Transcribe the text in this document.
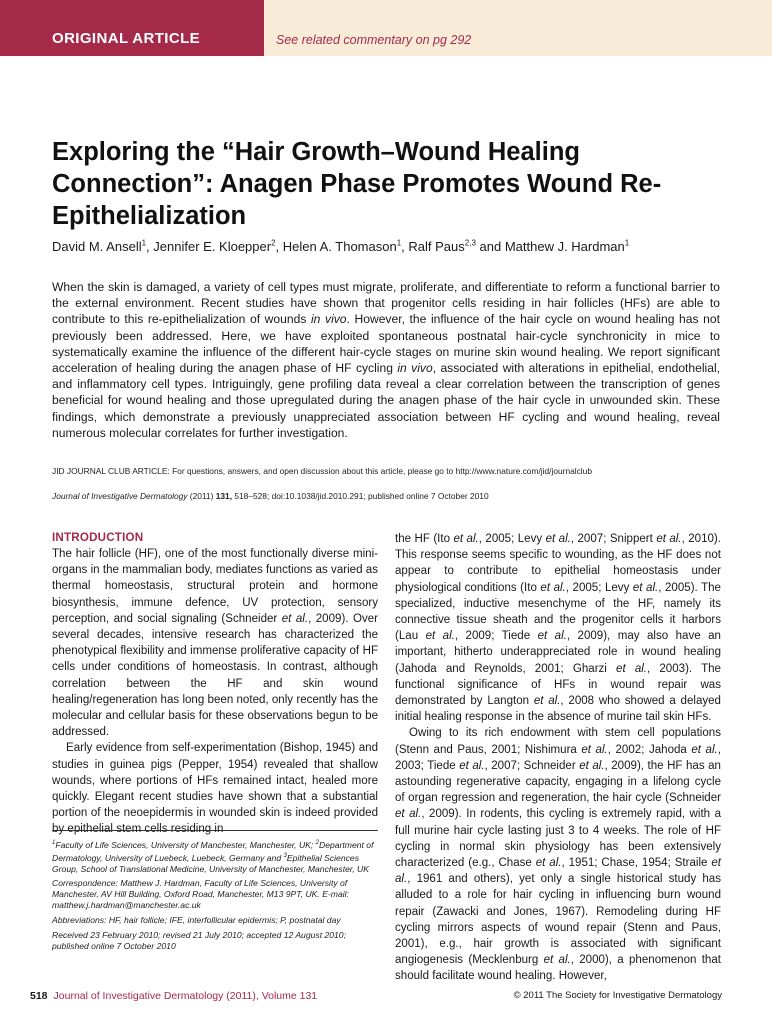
ORIGINAL ARTICLE	See related commentary on pg 292
Exploring the “Hair Growth–Wound Healing Connection”: Anagen Phase Promotes Wound Re-Epithelialization
David M. Ansell$^1$, Jennifer E. Kloepper$^2$, Helen A. Thomason$^1$, Ralf Paus$^{2,3}$ and Matthew J. Hardman$^1$

When the skin is damaged, a variety of cell types must migrate, proliferate, and differentiate to reform a functional barrier to the external environment. Recent studies have shown that progenitor cells residing in hair follicles (HFs) are able to contribute to this re-epithelialization of wounds in vivo. However, the influence of the hair cycle on wound healing has not previously been addressed. Here, we have exploited spontaneous postnatal hair-cycle synchronicity in mice to systematically examine the influence of the different hair-cycle stages on murine skin wound healing. We report significant acceleration of healing during the anagen phase of HF cycling in vivo, associated with alterations in epithelial, endothelial, and inflammatory cell types. Intriguingly, gene profiling data reveal a clear correlation between the transcription of genes beneficial for wound healing and those upregulated during the anagen phase of the hair cycle in unwounded skin. These findings, which demonstrate a previously unappreciated association between HF cycling and wound healing, reveal numerous molecular correlates for further investigation.

JID JOURNAL CLUB ARTICLE: For questions, answers, and open discussion about this article, please go to http://www.nature.com/jid/journalclub
Journal of Investigative Dermatology (2011) 131, 518–528; doi:10.1038/jid.2010.291; published online 7 October 2010
INTRODUCTION

The hair follicle (HF), one of the most functionally diverse mini-organs in the mammalian body, mediates functions as varied as thermal homeostasis, structural protein and hormone biosynthesis, immune defence, UV protection, sensory perception, and social signaling (Schneider et al., 2009). Over several decades, intensive research has characterized the phenotypical flexibility and immense proliferative capacity of HF cells under conditions of homeostasis. In contrast, although correlation between the HF and skin wound healing/regeneration has long been noted, only recently has the molecular and cellular basis for these observations begun to be addressed.

Early evidence from self-experimentation (Bishop, 1945) and studies in guinea pigs (Pepper, 1954) revealed that shallow wounds, where portions of HFs remained intact, healed more quickly. Elegant recent studies have shown that a substantial portion of the neoepidermis in wounded skin is indeed provided

the HF (Ito et al., 2005; Levy et al., 2007; Snippert et al., 2010). This response seems specific to wounding, as the HF does not appear to contribute to epithelial homeostasis under physiological conditions (Ito et al., 2005; Levy et al., 2005). The specialized, inductive mesenchyme of the HF, namely its connective tissue sheath and the progenitor cells it harbors (Lau et al., 2009; Tiede et al., 2009), may also have an important, hitherto underappreciated role in wound healing (Jahoda and Reynolds, 2001; Gharzi et al., 2003). The functional significance of HFs in wound repair was demonstrated by Langton et al., 2008 who showed a delayed initial healing response in the absence of murine tail skin HFs.

Owing to its rich endowment with stem cell populations (Stenn and Paus, 2001; Nishimura et al., 2002; Jahoda et al., 2003; Tiede et al., 2007; Schneider et al., 2009), the HF has an astounding regenerative capacity, engaging in a lifelong cycle of organ regression and regeneration, the hair cycle (Schneider et al., 2009). In rodents, this cycling is extremely rapid, with a full murine hair cycle lasting just 3 to 4 weeks. The role of HF cycling in normal skin physiology has been extensively characterized (e.g., Chase et al., 1951; Chase, 1954; Straile et al., 1961 and others), yet only a single historical study has alluded to a role for hair cycling in influencing burn wound repair (Zawacki and Jones, 1967). Remodeling during HF cycling mirrors aspects of wound repair (Stenn and Paus, 2001), e.g., hair growth is associated with significant angiogenesis (Mecklenburg et al., 2000), a phenomenon that should facilitate wound healing. However,

$^1$Faculty of Life Sciences, University of Manchester, Manchester, UK; $^2$Department of Dermatology, University of Luebeck, Luebeck, Germany and $^3$Epithelial Sciences Group, School of Translational Medicine, University of Manchester, Manchester, UK

Correspondence: Matthew J. Hardman, Faculty of Life Sciences, University of Manchester, AV Hill Building, Oxford Road, Manchester, M13 9PT, UK. E-mail: matthew.j.hardman@manchester.ac.uk

Abbreviations: HF, hair follicle; IFE, interfollicular epidermis; P, postnatal day

Received 23 February 2010; revised 21 July 2010; accepted 12 August 2010; published online 7 October 2010

518 Journal of Investigative Dermatology (2011), Volume 131	© 2011 The Society for Investigative Dermatology
